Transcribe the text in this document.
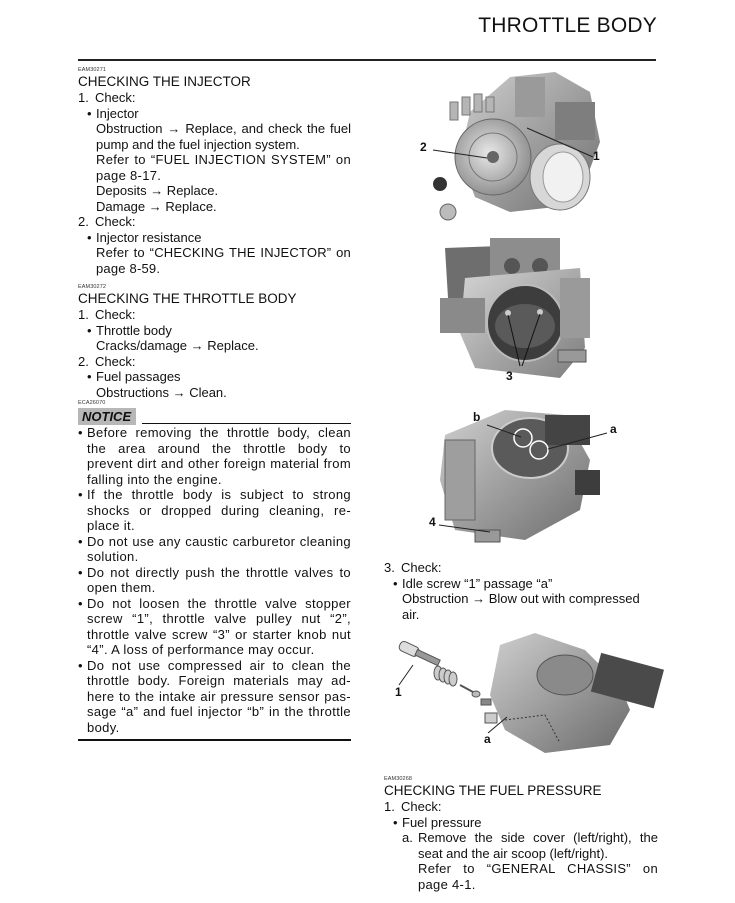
THROTTLE BODY
EAM30271
CHECKING THE INJECTOR
1. Check:
• Injector
Obstruction → Replace, and check the fuel pump and the fuel injection system.
Refer to “FUEL INJECTION SYSTEM” on page 8-17.
Deposits → Replace.
Damage → Replace.
2. Check:
• Injector resistance
Refer to “CHECKING THE INJECTOR” on page 8-59.
EAM30272
CHECKING THE THROTTLE BODY
1. Check:
• Throttle body
Cracks/damage → Replace.
2. Check:
• Fuel passages
Obstructions → Clean.
ECA26070
NOTICE
• Before removing the throttle body, clean the area around the throttle body to prevent dirt and other foreign material from falling into the engine.
• If the throttle body is subject to strong shocks or dropped during cleaning, re-place it.
• Do not use any caustic carburetor cleaning solution.
• Do not directly push the throttle valves to open them.
• Do not loosen the throttle valve stopper screw “1”, throttle valve pulley nut “2”, throttle valve screw “3” or starter knob nut “4”. A loss of performance may occur.
• Do not use compressed air to clean the throttle body. Foreign materials may ad-here to the intake air pressure sensor pas-sage “a” and fuel injector “b” in the throttle body.
2
1
3
b
a
4
3. Check:
• Idle screw “1” passage “a”
Obstruction → Blow out with compressed air.
1
a
EAM30268
CHECKING THE FUEL PRESSURE
1. Check:
• Fuel pressure
a. Remove the side cover (left/right), the seat and the air scoop (left/right).
Refer to “GENERAL CHASSIS” on page 4-1.
